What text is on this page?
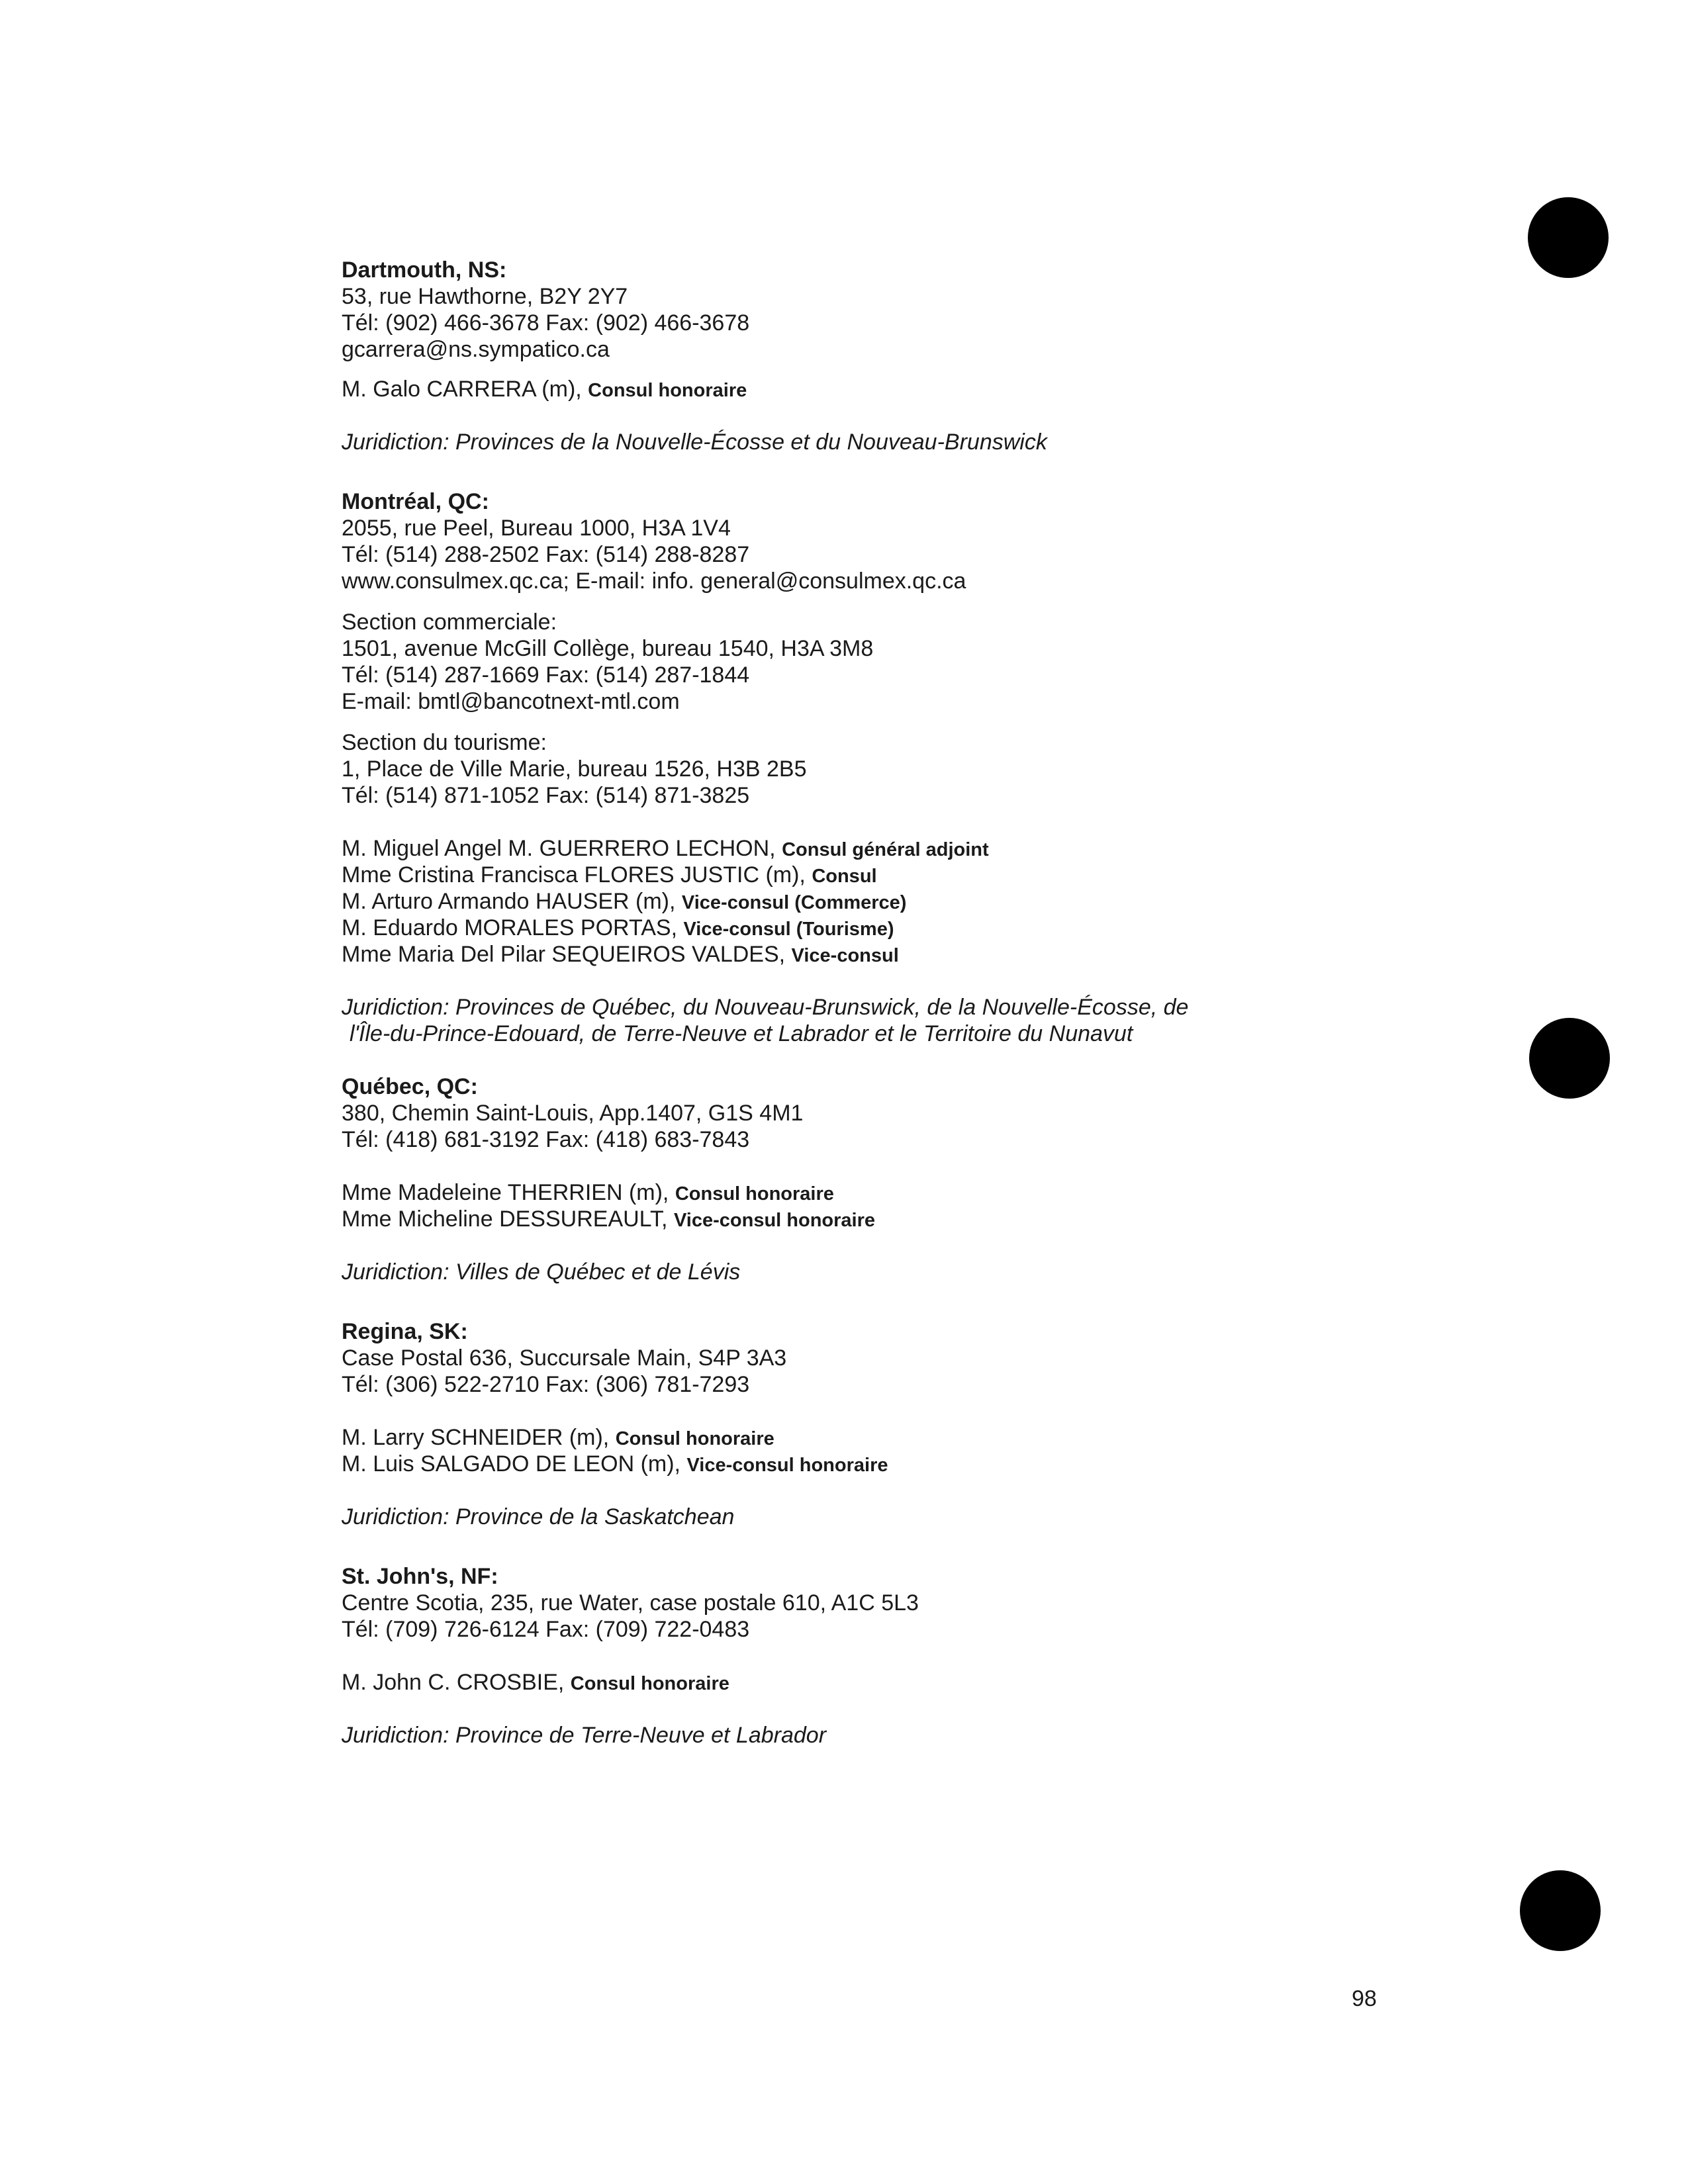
Dartmouth, NS:
53, rue Hawthorne, B2Y 2Y7
Tél: (902) 466-3678 Fax: (902) 466-3678
gcarrera@ns.sympatico.ca
M. Galo CARRERA (m), Consul honoraire
Juridiction: Provinces de la Nouvelle-Écosse et du Nouveau-Brunswick
Montréal, QC:
2055, rue Peel, Bureau 1000, H3A 1V4
Tél: (514) 288-2502 Fax: (514) 288-8287
www.consulmex.qc.ca; E-mail: info. general@consulmex.qc.ca
Section commerciale:
1501, avenue McGill Collège, bureau 1540, H3A 3M8
Tél: (514) 287-1669 Fax: (514) 287-1844
E-mail: bmtl@bancotnext-mtl.com
Section du tourisme:
1, Place de Ville Marie, bureau 1526, H3B 2B5
Tél: (514) 871-1052 Fax: (514) 871-3825
M. Miguel Angel M. GUERRERO LECHON, Consul général adjoint
Mme Cristina Francisca FLORES JUSTIC (m), Consul
M. Arturo Armando HAUSER (m), Vice-consul (Commerce)
M. Eduardo MORALES PORTAS, Vice-consul (Tourisme)
Mme Maria Del Pilar SEQUEIROS VALDES, Vice-consul
Juridiction: Provinces de Québec, du Nouveau-Brunswick, de la Nouvelle-Écosse, de
l'Île-du-Prince-Edouard, de Terre-Neuve et Labrador et le Territoire du Nunavut
Québec, QC:
380, Chemin Saint-Louis, App.1407, G1S 4M1
Tél: (418) 681-3192 Fax: (418) 683-7843
Mme Madeleine THERRIEN (m), Consul honoraire
Mme Micheline DESSUREAULT, Vice-consul honoraire
Juridiction: Villes de Québec et de Lévis
Regina, SK:
Case Postal 636, Succursale Main, S4P 3A3
Tél: (306) 522-2710 Fax: (306) 781-7293
M. Larry SCHNEIDER (m), Consul honoraire
M. Luis SALGADO DE LEON (m), Vice-consul honoraire
Juridiction: Province de la Saskatchean
St. John's, NF:
Centre Scotia, 235, rue Water, case postale 610, A1C 5L3
Tél: (709) 726-6124 Fax: (709) 722-0483
M. John C. CROSBIE, Consul honoraire
Juridiction: Province de Terre-Neuve et Labrador
98
